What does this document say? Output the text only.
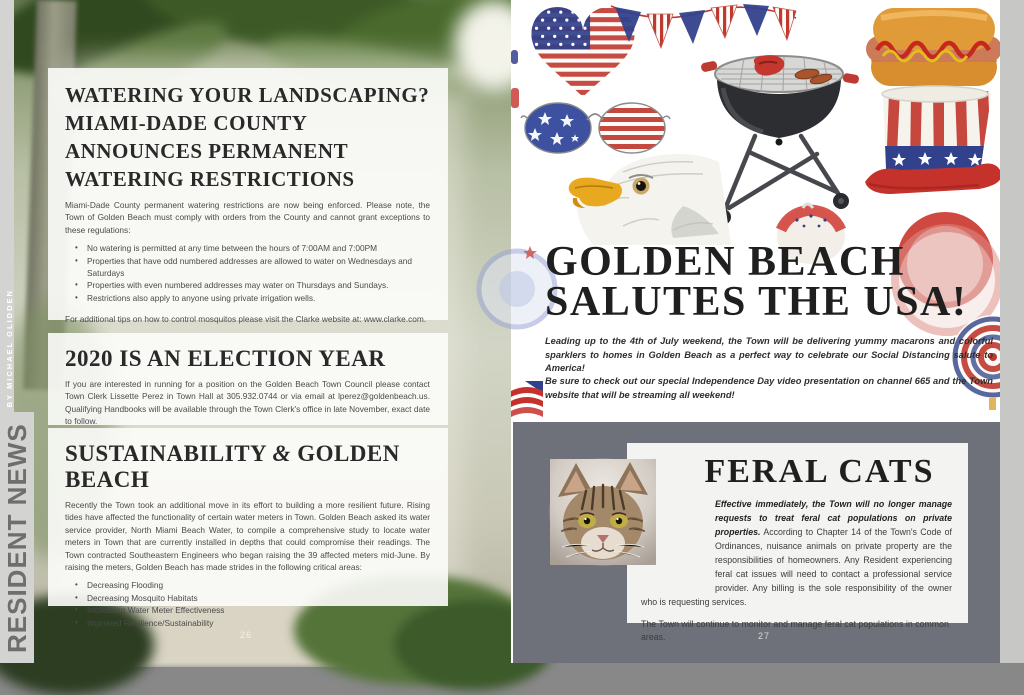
WATERING YOUR LANDSCAPING? MIAMI-DADE COUNTY ANNOUNCES PERMANENT WATERING RESTRICTIONS
Miami-Dade County permanent watering restrictions are now being enforced. Please note, the Town of Golden Beach must comply with orders from the County and cannot grant exceptions to these regulations:
• No watering is permitted at any time between the hours of 7:00AM and 7:00PM
• Properties that have odd numbered addresses are allowed to water on Wednesdays and Saturdays
• Properties with even numbered addresses may water on Thursdays and Sundays.
• Restrictions also apply to anyone using private irrigation wells.
For additional tips on how to control mosquitos please visit the Clarke website at: www.clarke.com.
2020 IS AN ELECTION YEAR
If you are interested in running for a position on the Golden Beach Town Council please contact Town Clerk Lissette Perez in Town Hall at 305.932.0744 or via email at lperez@goldenbeach.us. Qualifying Handbooks will be available through the Town Clerk's office in late November, exact date to follow.
SUSTAINABILITY & GOLDEN BEACH
Recently the Town took an additional move in its effort to building a more resilient future. Rising tides have affected the functionality of certain water meters in Town. Golden Beach asked its water service provider, North Miami Beach Water, to compile a comprehensive study to locate water meters in Town that are currently installed in depths that could compromise their readings. The Town contracted Southeastern Engineers who began raising the 39 affected meters mid-June. By raising the meters, Golden Beach has made strides in the following critical areas:
• Decreasing Flooding
• Decreasing Mosquito Habitats
• Increasing Water Meter Effectiveness
• Improved Resilience/Sustainability
26
GOLDEN BEACH
SALUTES THE USA!
Leading up to the 4th of July weekend, the Town will be delivering yummy macarons and colorful sparklers to homes in Golden Beach as a perfect way to celebrate our Social Distancing salute to America!
Be sure to check out our special Independence Day video presentation on channel 665 and the Town website that will be streaming all weekend!
FERAL CATS
Effective immediately, the Town will no longer manage requests to treat feral cat populations on private properties. According to Chapter 14 of the Town's Code of Ordinances, nuisance animals on private property are the responsibilities of homeowners. Any Resident experiencing feral cat issues will need to contact a professional service provider. Any billing is the sole responsibility of the owner who is requesting services.
The Town will continue to monitor and manage feral cat populations in common areas.	27
RESIDENT NEWS
BY MICHAEL GLIDDEN
